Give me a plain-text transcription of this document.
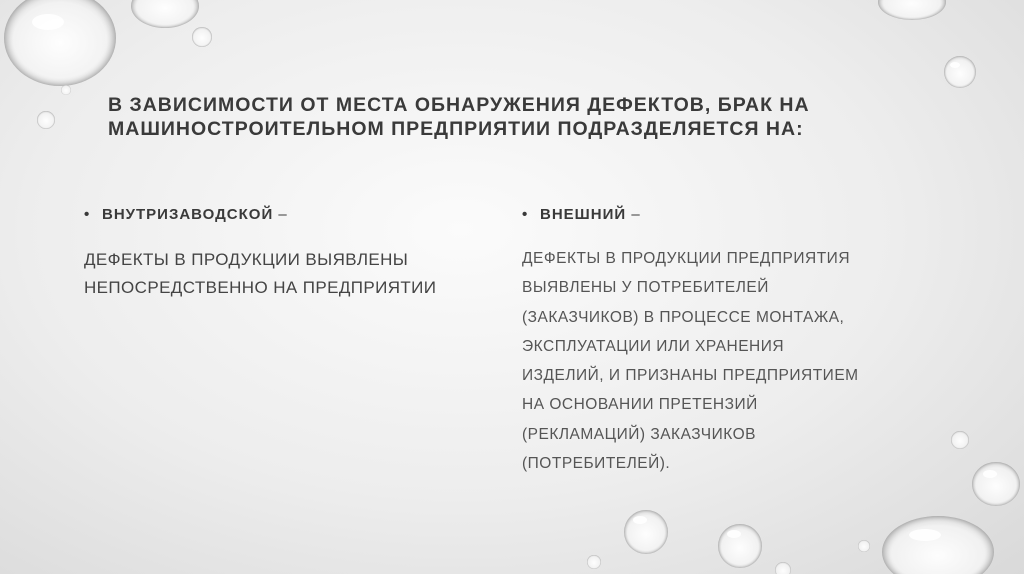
В ЗАВИСИМОСТИ ОТ МЕСТА ОБНАРУЖЕНИЯ ДЕФЕКТОВ, БРАК НА
МАШИНОСТРОИТЕЛЬНОМ ПРЕДПРИЯТИИ ПОДРАЗДЕЛЯЕТСЯ НА:
• ВНУТРИЗАВОДСКОЙ –
ДЕФЕКТЫ В ПРОДУКЦИИ ВЫЯВЛЕНЫ
НЕПОСРЕДСТВЕННО НА ПРЕДПРИЯТИИ
• ВНЕШНИЙ –
ДЕФЕКТЫ В ПРОДУКЦИИ ПРЕДПРИЯТИЯ
ВЫЯВЛЕНЫ У ПОТРЕБИТЕЛЕЙ
(ЗАКАЗЧИКОВ) В ПРОЦЕССЕ МОНТАЖА,
ЭКСПЛУАТАЦИИ ИЛИ ХРАНЕНИЯ
ИЗДЕЛИЙ, И ПРИЗНАНЫ ПРЕДПРИЯТИЕМ
НА ОСНОВАНИИ ПРЕТЕНЗИЙ
(РЕКЛАМАЦИЙ) ЗАКАЗЧИКОВ
(ПОТРЕБИТЕЛЕЙ).
